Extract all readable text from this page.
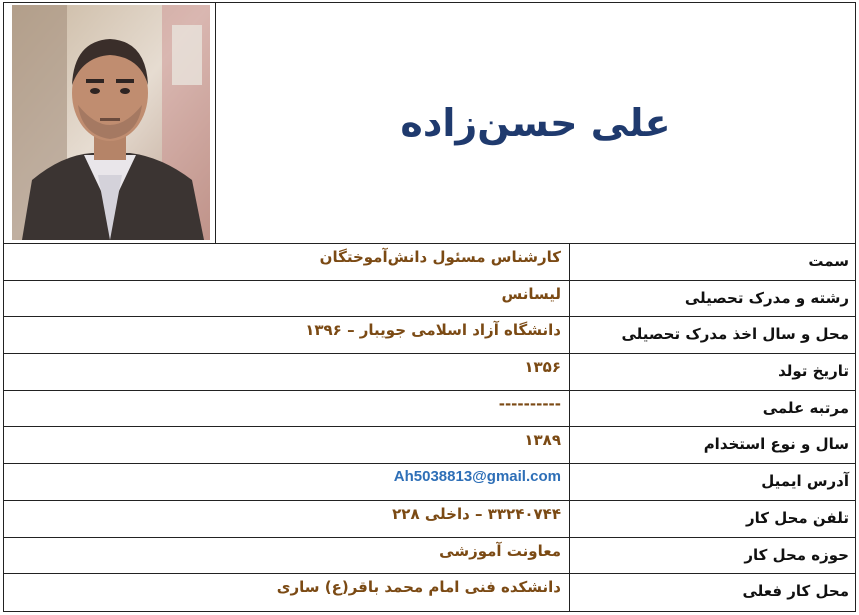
علی حسن‌زاده
سمت
کارشناس مسئول دانش‌آموختگان
رشته و مدرک تحصیلی
لیسانس
محل و سال اخذ مدرک تحصیلی
دانشگاه آزاد اسلامی جویبار – ۱۳۹۶
تاریخ تولد
۱۳۵۶
مرتبه علمی
----------
سال و نوع استخدام
۱۳۸۹
آدرس ایمیل
Ah5038813@gmail.com
تلفن محل کار
۳۳۲۴۰۷۴۴ – داخلی ۲۲۸
حوزه محل کار
معاونت آموزشی
محل کار فعلی
دانشکده فنی امام محمد باقر(ع) ساری
